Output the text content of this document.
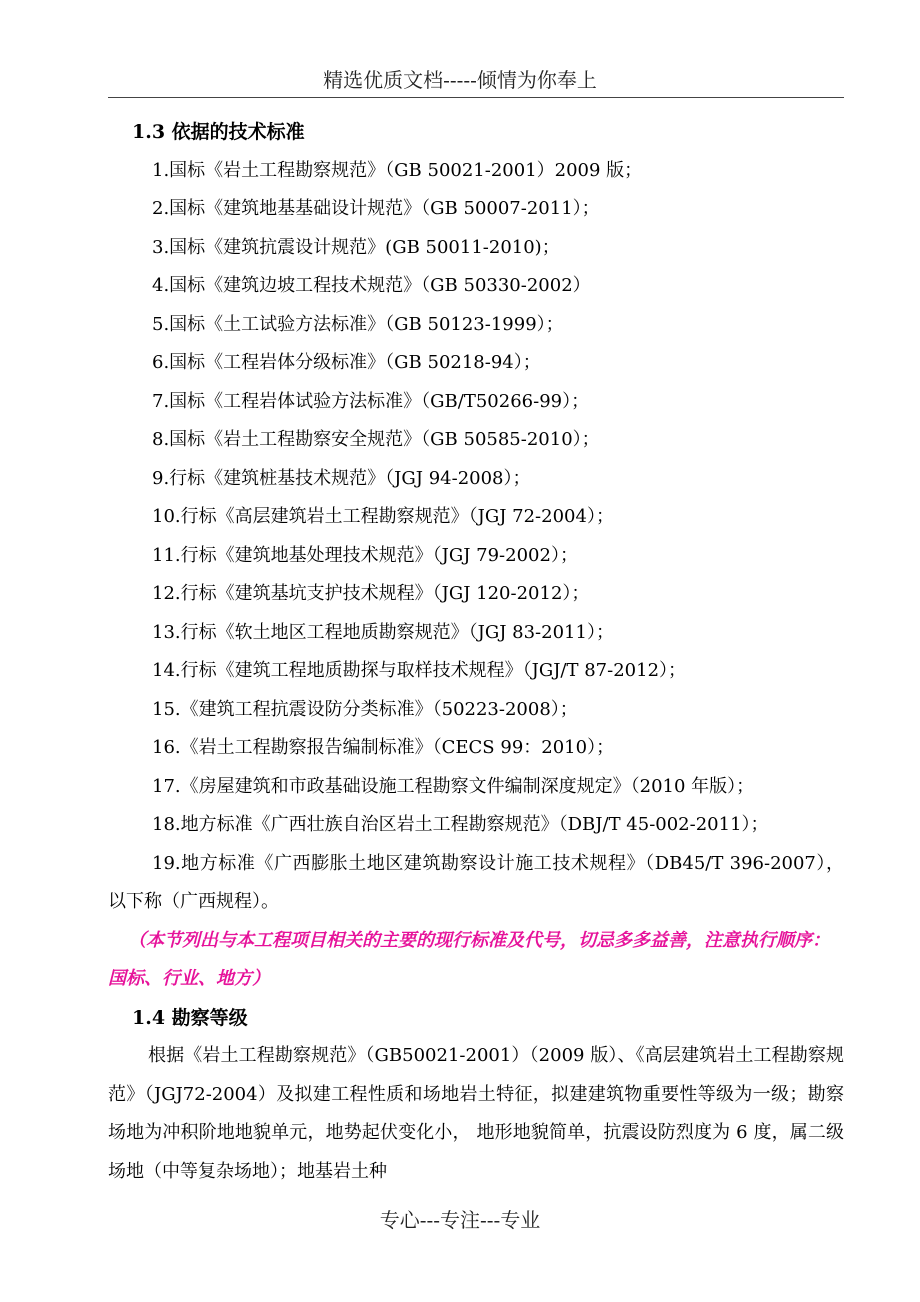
精选优质文档-----倾情为你奉上
1.3 依据的技术标准
1.国标《岩土工程勘察规范》（GB 50021-2001）2009 版；
2.国标《建筑地基基础设计规范》（GB 50007-2011）；
3.国标《建筑抗震设计规范》(GB 50011-2010)；
4.国标《建筑边坡工程技术规范》（GB 50330-2002）
5.国标《土工试验方法标准》（GB 50123-1999）；
6.国标《工程岩体分级标准》（GB 50218-94）；
7.国标《工程岩体试验方法标准》（GB/T50266-99）；
8.国标《岩土工程勘察安全规范》（GB 50585-2010）；
9.行标《建筑桩基技术规范》（JGJ 94-2008）；
10.行标《高层建筑岩土工程勘察规范》（JGJ 72-2004）；
11.行标《建筑地基处理技术规范》（JGJ 79-2002）；
12.行标《建筑基坑支护技术规程》（JGJ 120-2012）；
13.行标《软土地区工程地质勘察规范》（JGJ 83-2011）；
14.行标《建筑工程地质勘探与取样技术规程》（JGJ/T 87-2012）；
15.《建筑工程抗震设防分类标准》（50223-2008）；
16.《岩土工程勘察报告编制标准》（CECS 99：2010）；
17.《房屋建筑和市政基础设施工程勘察文件编制深度规定》（2010 年版）；
18.地方标准《广西壮族自治区岩土工程勘察规范》（DBJ/T 45-002-2011）；
19.地方标准《广西膨胀土地区建筑勘察设计施工技术规程》（DB45/T 396-2007），以下称（广西规程）。
（本节列出与本工程项目相关的主要的现行标准及代号，切忌多多益善，注意执行顺序：国标、行业、地方）
1.4 勘察等级
根据《岩土工程勘察规范》（GB50021-2001）（2009 版）、《高层建筑岩土工程勘察规范》（JGJ72-2004）及拟建工程性质和场地岩土特征，拟建建筑物重要性等级为一级；勘察场地为冲积阶地地貌单元，地势起伏变化小， 地形地貌简单，抗震设防烈度为 6 度，属二级场地（中等复杂场地）；地基岩土种
专心---专注---专业
